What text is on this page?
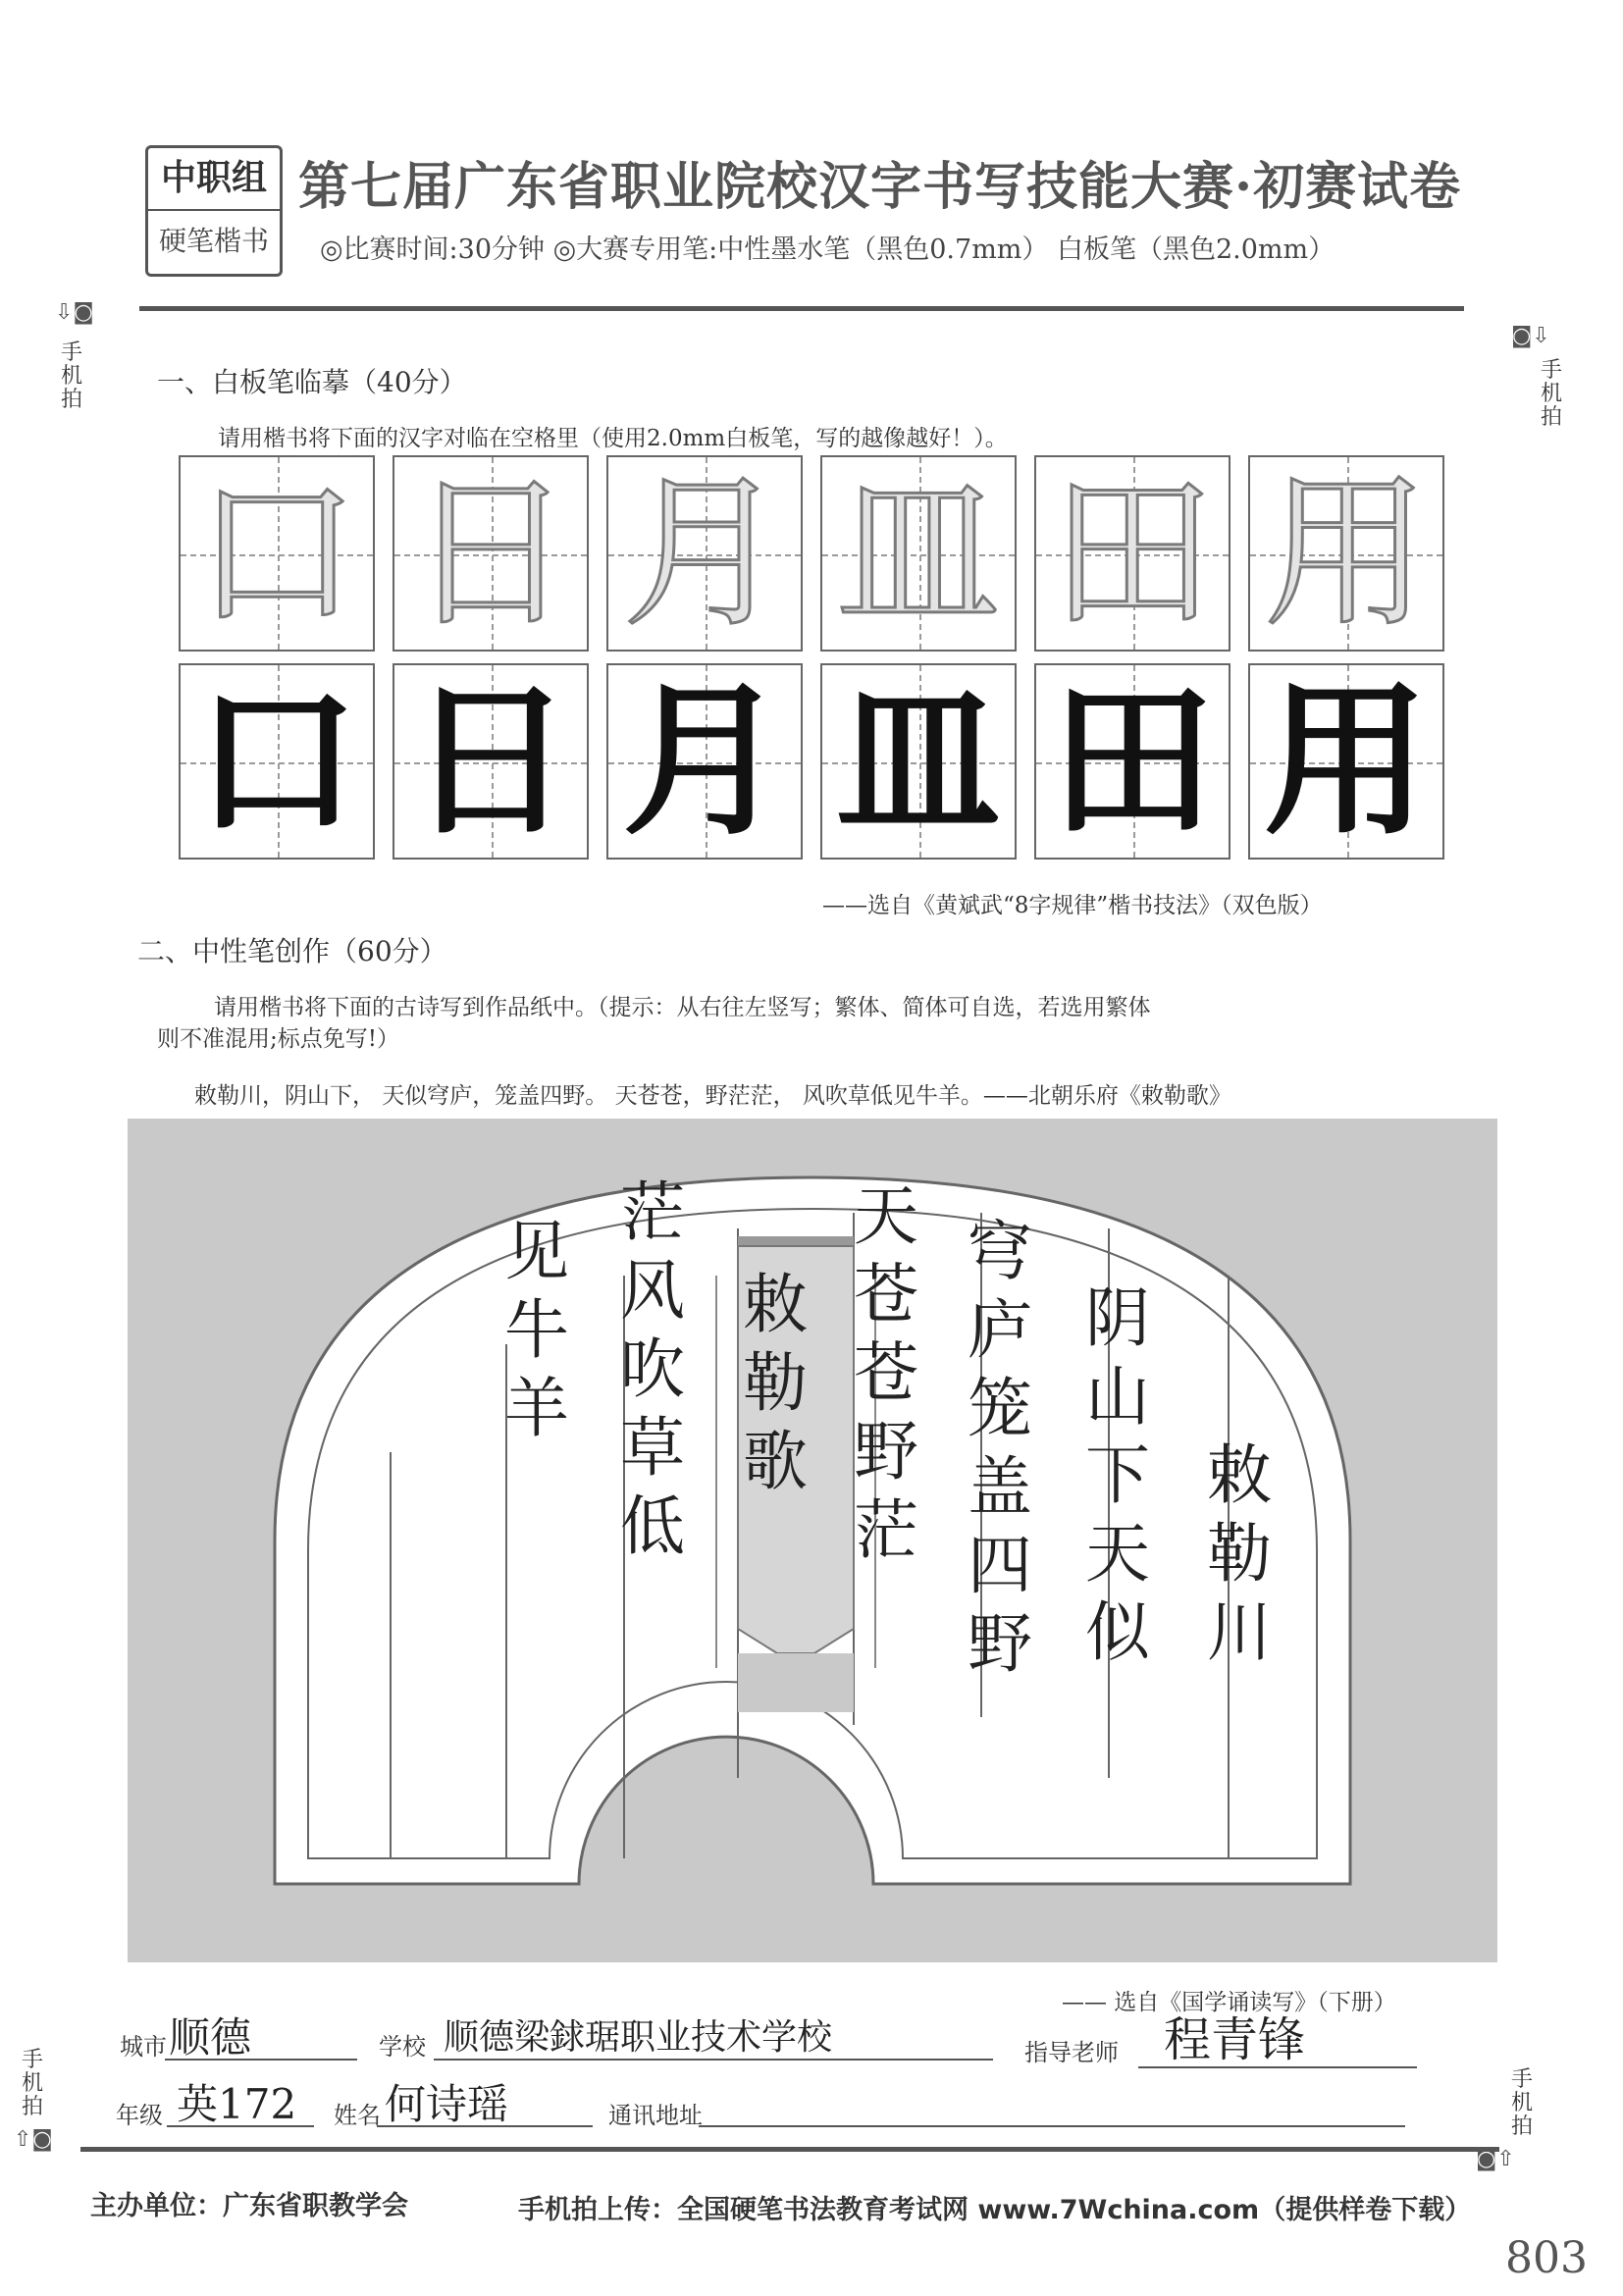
中职组
硬笔楷书
第七届广东省职业院校汉字书写技能大赛·初赛试卷
◎比赛时间:30分钟 ◎大赛专用笔:中性墨水笔（黑色0.7mm） 白板笔（黑色2.0mm）
⇩◙
手机拍
◙⇩
手机拍
手机拍
⇧◙
手机拍
◙⇧
一、白板笔临摹（40分）
请用楷书将下面的汉字对临在空格里（使用2.0mm白板笔，写的越像越好！）。
口 日 月 皿 田 用
口 日 月 皿 田 用
——选自《黄斌武“8字规律”楷书技法》（双色版）
二、中性笔创作（60分）
请用楷书将下面的古诗写到作品纸中。（提示：从右往左竖写；繁体、简体可自选，若选用繁体
则不准混用;标点免写!）
敕勒川，阴山下， 天似穹庐，笼盖四野。 天苍苍，野茫茫， 风吹草低见牛羊。——北朝乐府《敕勒歌》
敕勒川
阴山下天似
穹庐笼盖四野
天苍苍野茫
茫风吹草低
见牛羊
敕勒歌
—— 选自《国学诵读写》（下册）
城市 顺德	学校 顺德梁銶琚职业技术学校	指导老师 程青锋
年级 英172 姓名 何诗瑶	通讯地址
主办单位：广东省职教学会	手机拍上传：全国硬笔书法教育考试网 www.7Wchina.com（提供样卷下载）
803
